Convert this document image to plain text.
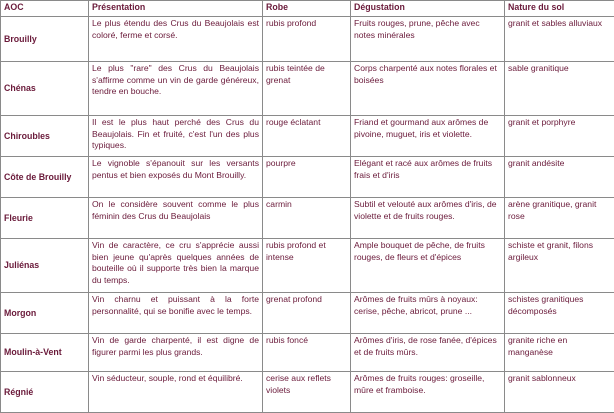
AOC	Présentation	Robe	Dégustation	Nature du sol
Brouilly	Le plus étendu des Crus du Beaujolais est coloré, ferme et corsé.	rubis profond	Fruits rouges, prune, pêche avec notes minérales	granit et sables alluviaux
Chénas	Le plus "rare" des Crus du Beaujolais s'affirme comme un vin de garde généreux, tendre en bouche.	rubis teintée de grenat	Corps charpenté aux notes florales et boisées	sable granitique
Chiroubles	Il est le plus haut perché des Crus du Beaujolais. Fin et fruité, c'est l'un des plus typiques.	rouge éclatant	Friand et gourmand aux arômes de pivoine, muguet, iris et violette.	granit et porphyre
Côte de Brouilly	Le vignoble s'épanouit sur les versants pentus et bien exposés du Mont Brouilly.	pourpre	Elégant et racé aux arômes de fruits frais et d'iris	granit andésite
Fleurie	On le considère souvent comme le plus féminin des Crus du Beaujolais	carmin	Subtil et velouté aux arômes d'iris, de violette et de fruits rouges.	arène granitique, granit rose
Juliénas	Vin de caractère, ce cru s'apprécie aussi bien jeune qu'après quelques années de bouteille où il supporte très bien la marque du temps.	rubis profond et intense	Ample bouquet de pêche, de fruits rouges, de fleurs et d'épices	schiste et granit, filons argileux
Morgon	Vin charnu et puissant à la forte personnalité, qui se bonifie avec le temps.	grenat profond	Arômes de fruits mûrs à noyaux: cerise, pêche, abricot, prune ...	schistes granitiques décomposés
Moulin-à-Vent	Vin de garde charpenté, il est digne de figurer parmi les plus grands.	rubis foncé	Arômes d'iris, de rose fanée, d'épices et de fruits mûrs.	granite riche en manganèse
Régnié	Vin séducteur, souple, rond et équilibré.	cerise aux reflets violets	Arômes de fruits rouges: groseille, mûre et framboise.	granit sablonneux
